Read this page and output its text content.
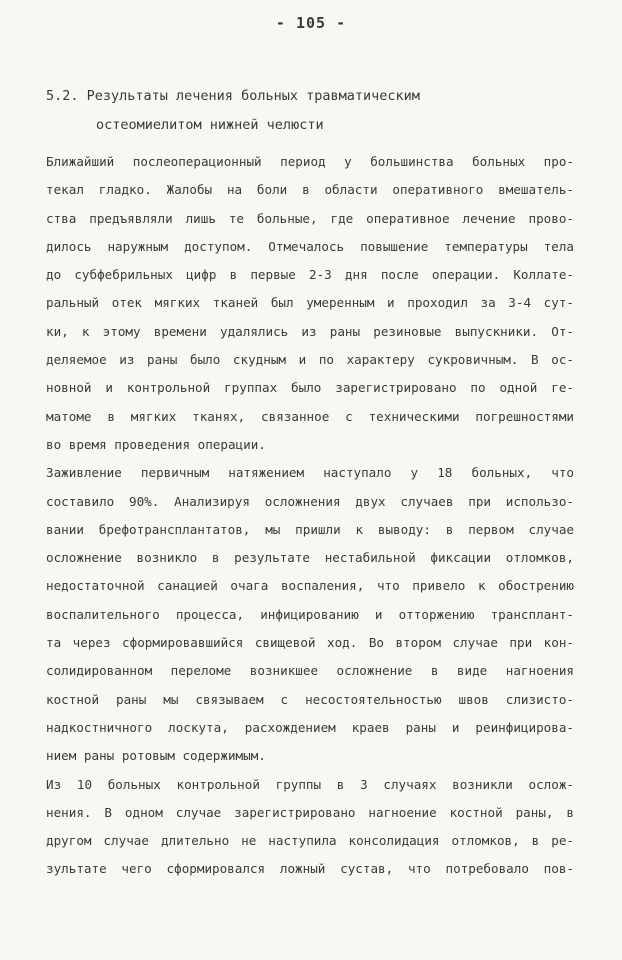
- 105 -
5.2. Результаты лечения больных травматическим
остеомиелитом нижней челюсти
Ближайший послеоперационный период у большинства больных про-
текал гладко. Жалобы на боли в области оперативного вмешатель-
ства предъявляли лишь те больные, где оперативное лечение прово-
дилось наружным доступом. Отмечалось повышение температуры тела
до субфебрильных цифр в первые 2-3 дня после операции. Коллате-
ральный отек мягких тканей был умеренным и проходил за 3-4 сут-
ки, к этому времени удалялись из раны резиновые выпускники. От-
деляемое из раны было скудным и по характеру сукровичным. В ос-
новной и контрольной группах было зарегистрировано по одной ге-
матоме в мягких тканях, связанное с техническими погрешностями
во время проведения операции.
Заживление первичным натяжением наступало у 18 больных, что
составило 90%. Анализируя осложнения двух случаев при использо-
вании брефотрансплантатов, мы пришли к выводу: в первом случае
осложнение возникло в результате нестабильной фиксации отломков,
недостаточной санацией очага воспаления, что привело к обострению
воспалительного процесса, инфицированию и отторжению трансплант-
та через сформировавшийся свищевой ход. Во втором случае при кон-
солидированном переломе возникшее осложнение в виде нагноения
костной раны мы связываем с несостоятельностью швов слизисто-
надкостничного лоскута, расхождением краев раны и реинфицирова-
нием раны ротовым содержимым.
Из 10 больных контрольной группы в 3 случаях возникли ослож-
нения. В одном случае зарегистрировано нагноение костной раны, в
другом случае длительно не наступила консолидация отломков, в ре-
зультате чего сформировался ложный сустав, что потребовало пов-
